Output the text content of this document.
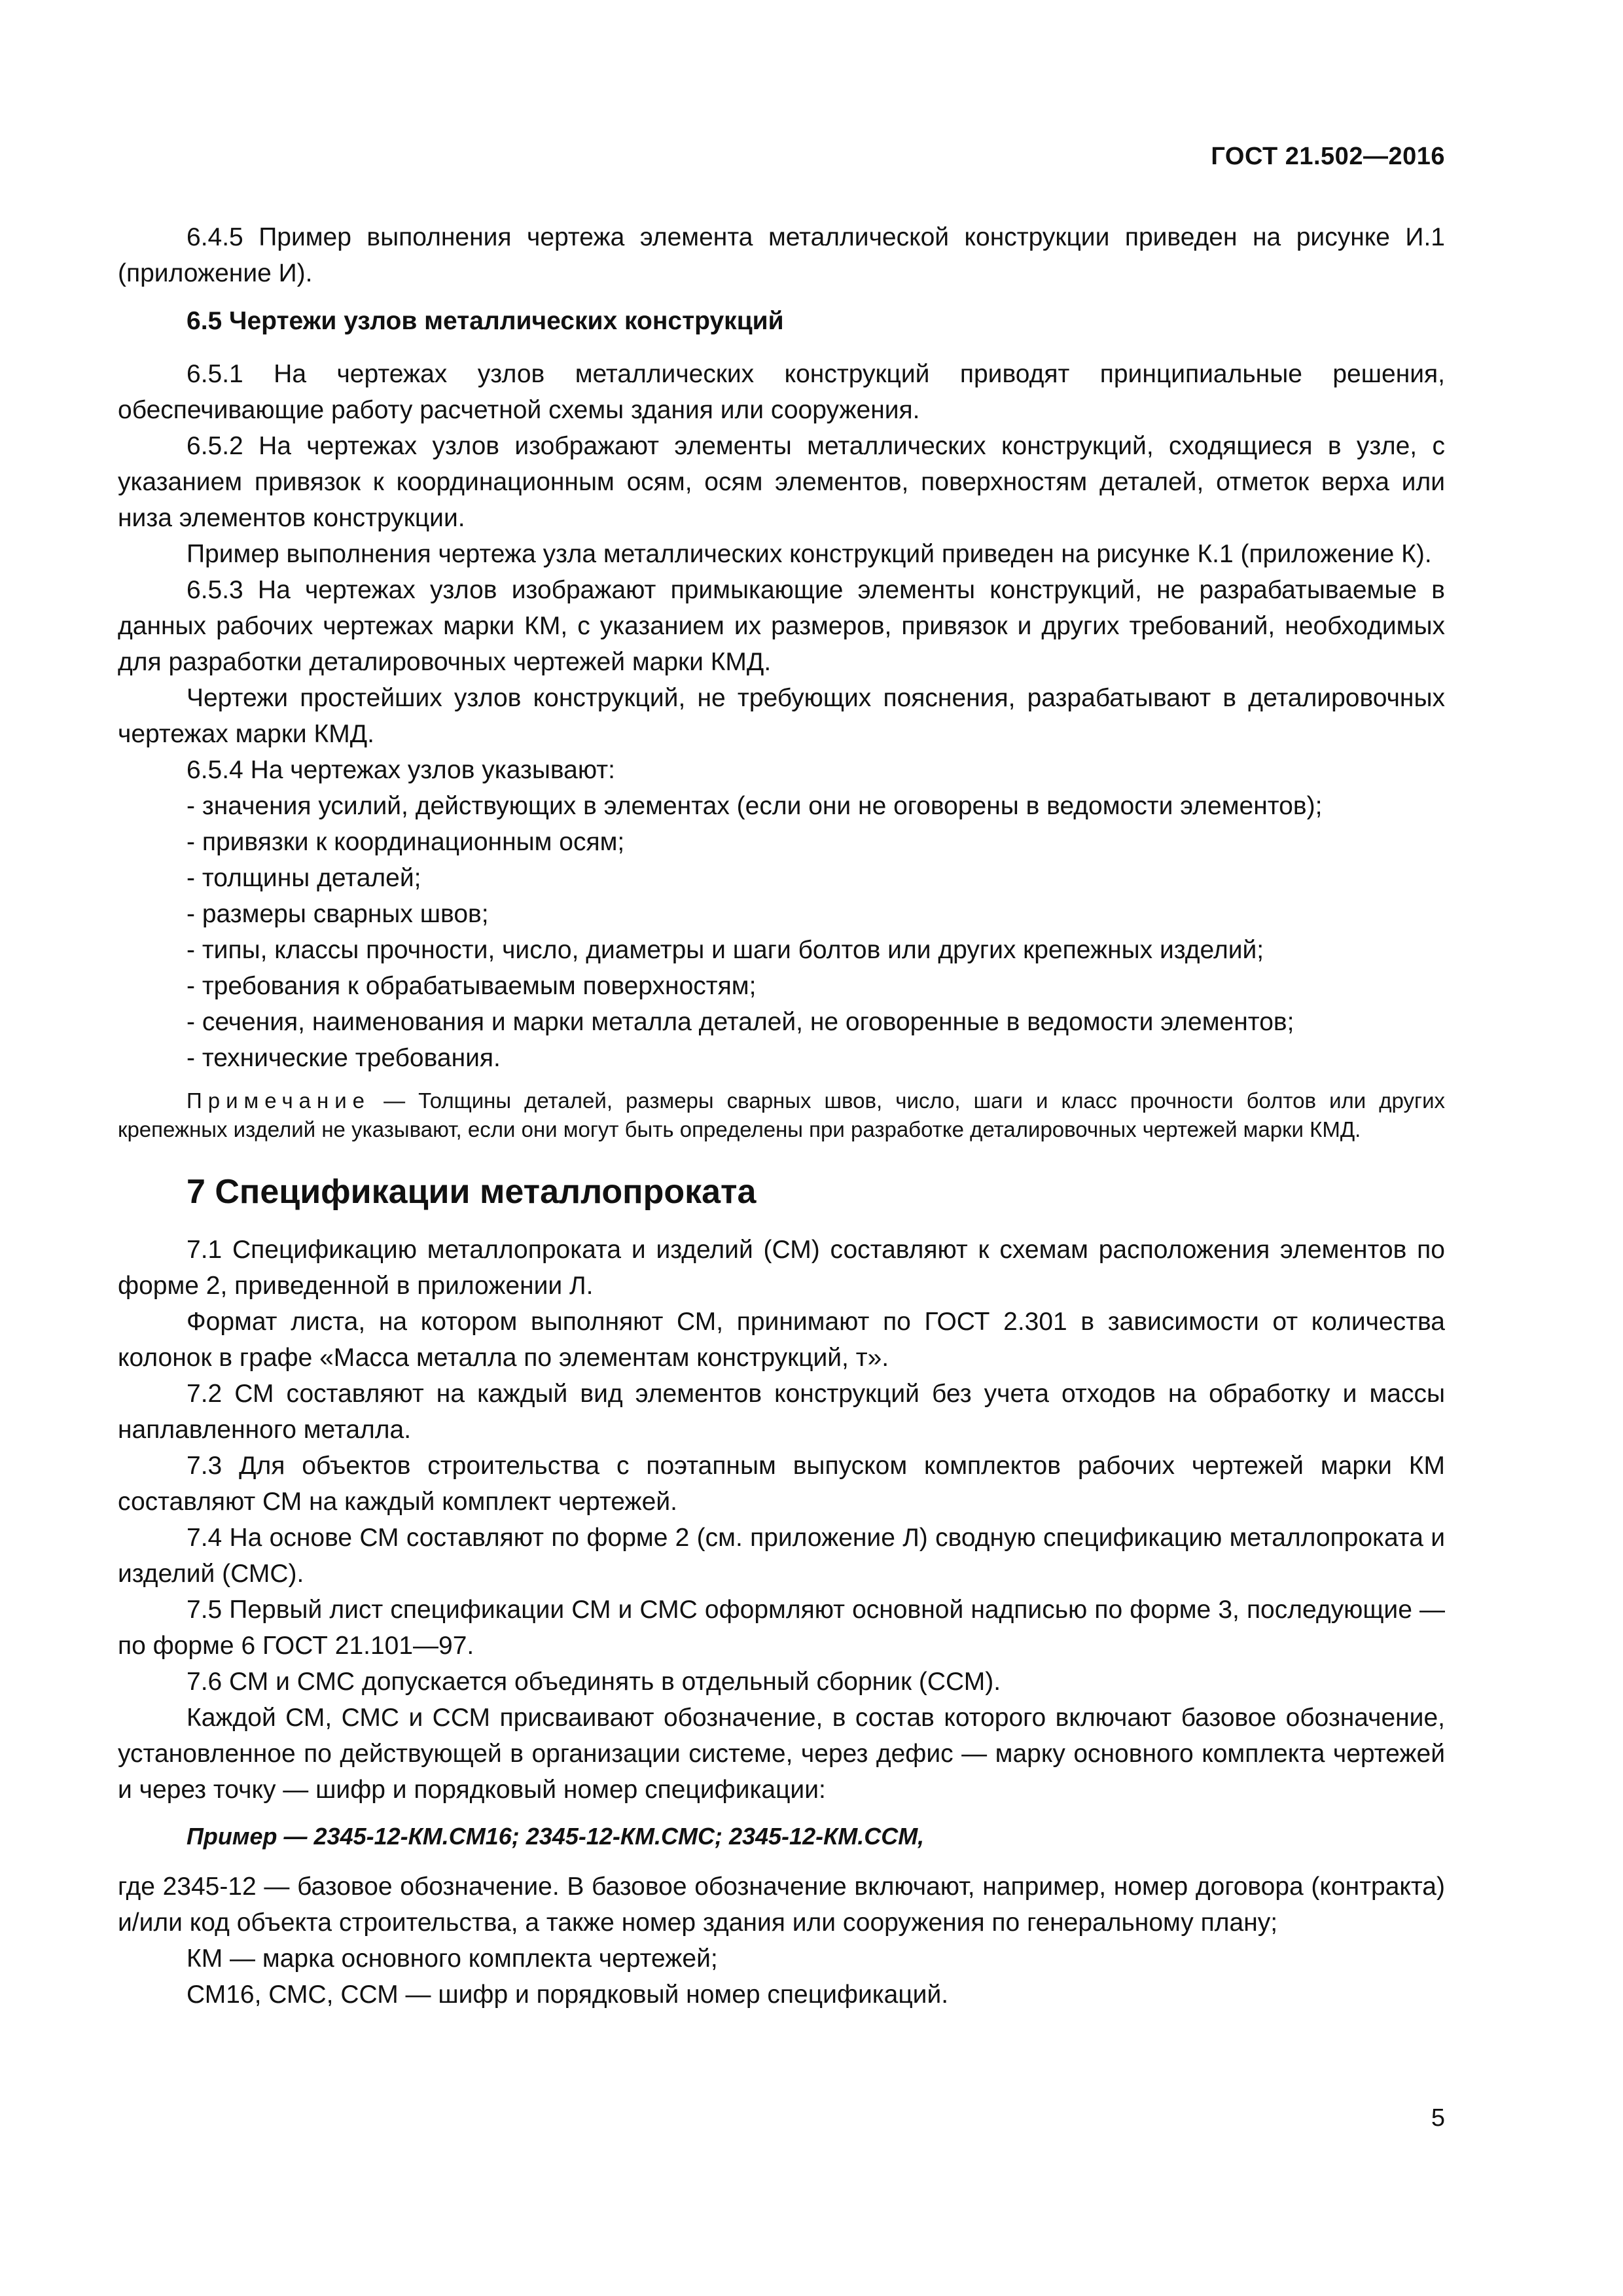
ГОСТ 21.502—2016

6.4.5 Пример выполнения чертежа элемента металлической конструкции приведен на рисунке И.1 (приложение И).

6.5 Чертежи узлов металлических конструкций

6.5.1 На чертежах узлов металлических конструкций приводят принципиальные решения, обеспечивающие работу расчетной схемы здания или сооружения.

6.5.2 На чертежах узлов изображают элементы металлических конструкций, сходящиеся в узле, с указанием привязок к координационным осям, осям элементов, поверхностям деталей, отметок верха или низа элементов конструкции.

Пример выполнения чертежа узла металлических конструкций приведен на рисунке К.1 (приложение К).

6.5.3 На чертежах узлов изображают примыкающие элементы конструкций, не разрабатываемые в данных рабочих чертежах марки КМ, с указанием их размеров, привязок и других требований, необходимых для разработки деталировочных чертежей марки КМД.

Чертежи простейших узлов конструкций, не требующих пояснения, разрабатывают в деталировочных чертежах марки КМД.

6.5.4 На чертежах узлов указывают:

- значения усилий, действующих в элементах (если они не оговорены в ведомости элементов);
- привязки к координационным осям;
- толщины деталей;
- размеры сварных швов;
- типы, классы прочности, число, диаметры и шаги болтов или других крепежных изделий;
- требования к обрабатываемым поверхностям;
- сечения, наименования и марки металла деталей, не оговоренные в ведомости элементов;
- технические требования.

Примечание — Толщины деталей, размеры сварных швов, число, шаги и класс прочности болтов или других крепежных изделий не указывают, если они могут быть определены при разработке деталировочных чертежей марки КМД.

7 Спецификации металлопроката

7.1 Спецификацию металлопроката и изделий (СМ) составляют к схемам расположения элементов по форме 2, приведенной в приложении Л.

Формат листа, на котором выполняют СМ, принимают по ГОСТ 2.301 в зависимости от количества колонок в графе «Масса металла по элементам конструкций, т».

7.2 СМ составляют на каждый вид элементов конструкций без учета отходов на обработку и массы наплавленного металла.

7.3 Для объектов строительства с поэтапным выпуском комплектов рабочих чертежей марки КМ составляют СМ на каждый комплект чертежей.

7.4 На основе СМ составляют по форме 2 (см. приложение Л) сводную спецификацию металлопроката и изделий (СМС).

7.5 Первый лист спецификации СМ и СМС оформляют основной надписью по форме 3, последующие — по форме 6 ГОСТ 21.101—97.

7.6 СМ и СМС допускается объединять в отдельный сборник (ССМ).

Каждой СМ, СМС и ССМ присваивают обозначение, в состав которого включают базовое обозначение, установленное по действующей в организации системе, через дефис — марку основного комплекта чертежей и через точку — шифр и порядковый номер спецификации:

Пример — 2345-12-КМ.СМ16; 2345-12-КМ.СМС; 2345-12-КМ.ССМ,

где 2345-12 — базовое обозначение. В базовое обозначение включают, например, номер договора (контракта) и/или код объекта строительства, а также номер здания или сооружения по генеральному плану;

КМ — марка основного комплекта чертежей;

СМ16, СМС, ССМ — шифр и порядковый номер спецификаций.

5
